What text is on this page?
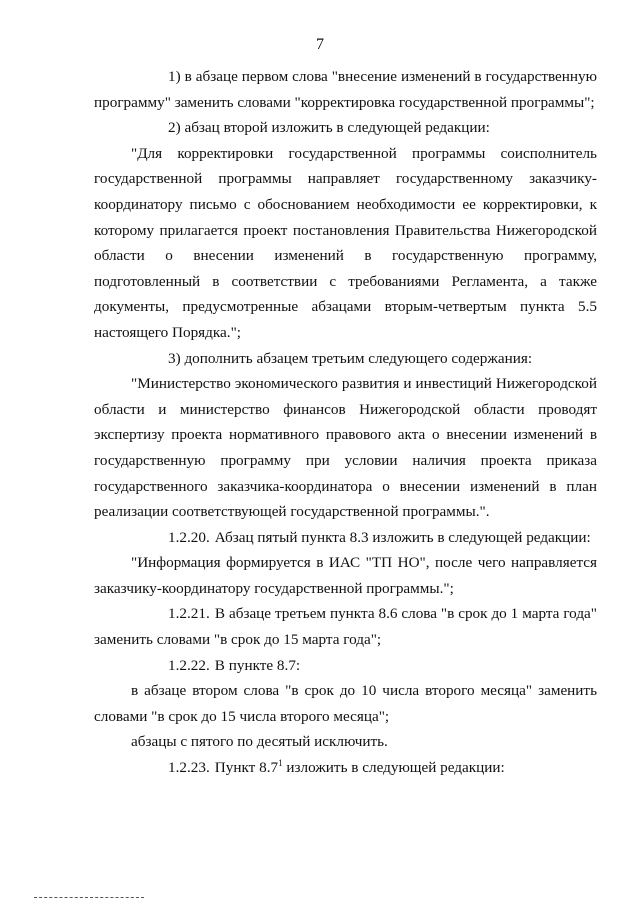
7

1) в абзаце первом слова "внесение изменений в государственную программу" заменить словами "корректировка государственной программы";

2) абзац второй изложить в следующей редакции:

"Для корректировки государственной программы соисполнитель государственной программы направляет государственному заказчику-координатору письмо с обоснованием необходимости ее корректировки, к которому прилагается проект постановления Правительства Нижегородской области о внесении изменений в государственную программу, подготовленный в соответствии с требованиями Регламента, а также документы, предусмотренные абзацами вторым-четвертым пункта 5.5 настоящего Порядка.";

3) дополнить абзацем третьим следующего содержания:

"Министерство экономического развития и инвестиций Нижегородской области и министерство финансов Нижегородской области проводят экспертизу проекта нормативного правового акта о внесении изменений в государственную программу при условии наличия проекта приказа государственного заказчика-координатора о внесении изменений в план реализации соответствующей государственной программы.".

1.2.20. Абзац пятый пункта 8.3 изложить в следующей редакции:

"Информация формируется в ИАС "ТП НО", после чего направляется заказчику-координатору государственной программы.";

1.2.21. В абзаце третьем пункта 8.6 слова "в срок до 1 марта года" заменить словами "в срок до 15 марта года";

1.2.22. В пункте 8.7:

в абзаце втором слова "в срок до 10 числа второго месяца" заменить словами "в срок до 15 числа второго месяца";

абзацы с пятого по десятый исключить.

1.2.23. Пункт $8.7^1$ изложить в следующей редакции:
